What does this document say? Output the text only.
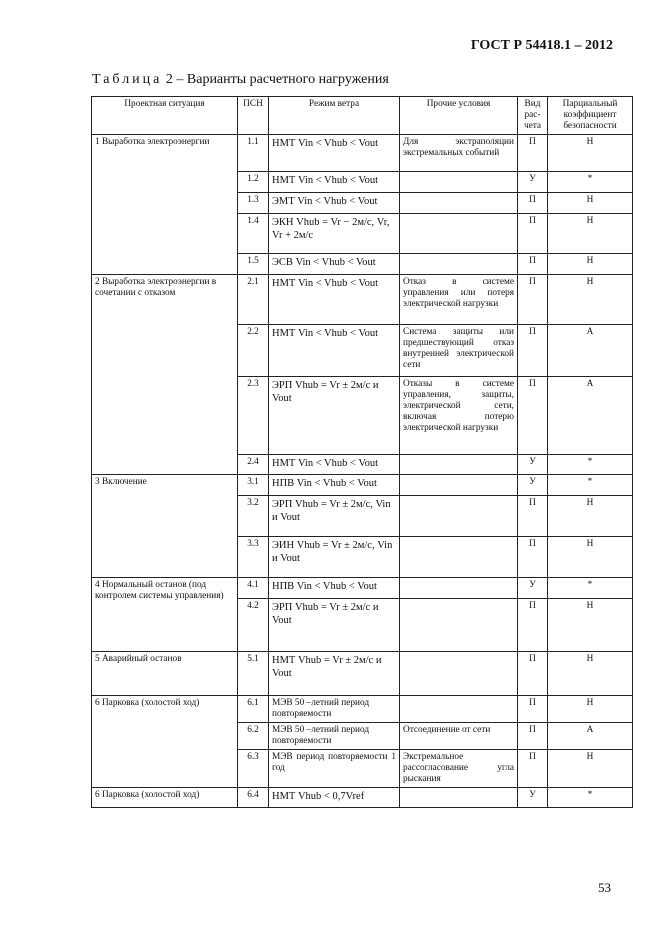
ГОСТ Р 54418.1 – 2012
Таблица 2 – Варианты расчетного нагружения
Проектная ситуация	ПСН	Режим ветра	Прочие условия	Вид рас-чета	Парциальный коэффициент безопасности
1 Выработка электроэнергии	1.1	НМТ Vin < Vhub < Vout	Для экстраполяции экстремальных событий	П	Н
	1.2	НМТ Vin < Vhub < Vout		У	*
	1.3	ЭМТ Vin < Vhub < Vout		П	Н
	1.4	ЭКН Vhub = Vr − 2м/с, Vr, Vr + 2м/с		П	Н
	1.5	ЭСВ Vin < Vhub < Vout		П	Н
2 Выработка электроэнергии в сочетании с отказом	2.1	НМТ Vin < Vhub < Vout	Отказ в системе управления или потеря электрической нагрузки	П	Н
	2.2	НМТ Vin < Vhub < Vout	Система защиты или предшествующий отказ внутренней электрической сети	П	А
	2.3	ЭРП Vhub = Vr ± 2м/с и Vout	Отказы в системе управления, защиты, электрической сети, включая потерю электрической нагрузки	П	А
	2.4	НМТ Vin < Vhub < Vout		У	*
3 Включение	3.1	НПВ Vin < Vhub < Vout		У	*
	3.2	ЭРП Vhub = Vr ± 2м/с, Vin и Vout		П	Н
	3.3	ЭИН Vhub = Vr ± 2м/с, Vin и Vout		П	Н
4 Нормальный останов (под контролем системы управления)	4.1	НПВ Vin < Vhub < Vout		У	*
	4.2	ЭРП Vhub = Vr ± 2м/с и Vout		П	Н
5 Аварийный останов	5.1	НМТ Vhub = Vr ± 2м/с и Vout		П	Н
6 Парковка (холостой ход)	6.1	МЭВ 50 –летний период повторяемости		П	Н
	6.2	МЭВ 50 –летний период повторяемости	Отсоединение от сети	П	А
	6.3	МЭВ период повторяемости 1 год	Экстремальное рассогласование угла рыскания	П	Н
6 Парковка (холостой ход)	6.4	НМТ Vhub < 0,7Vref		У	*
53
